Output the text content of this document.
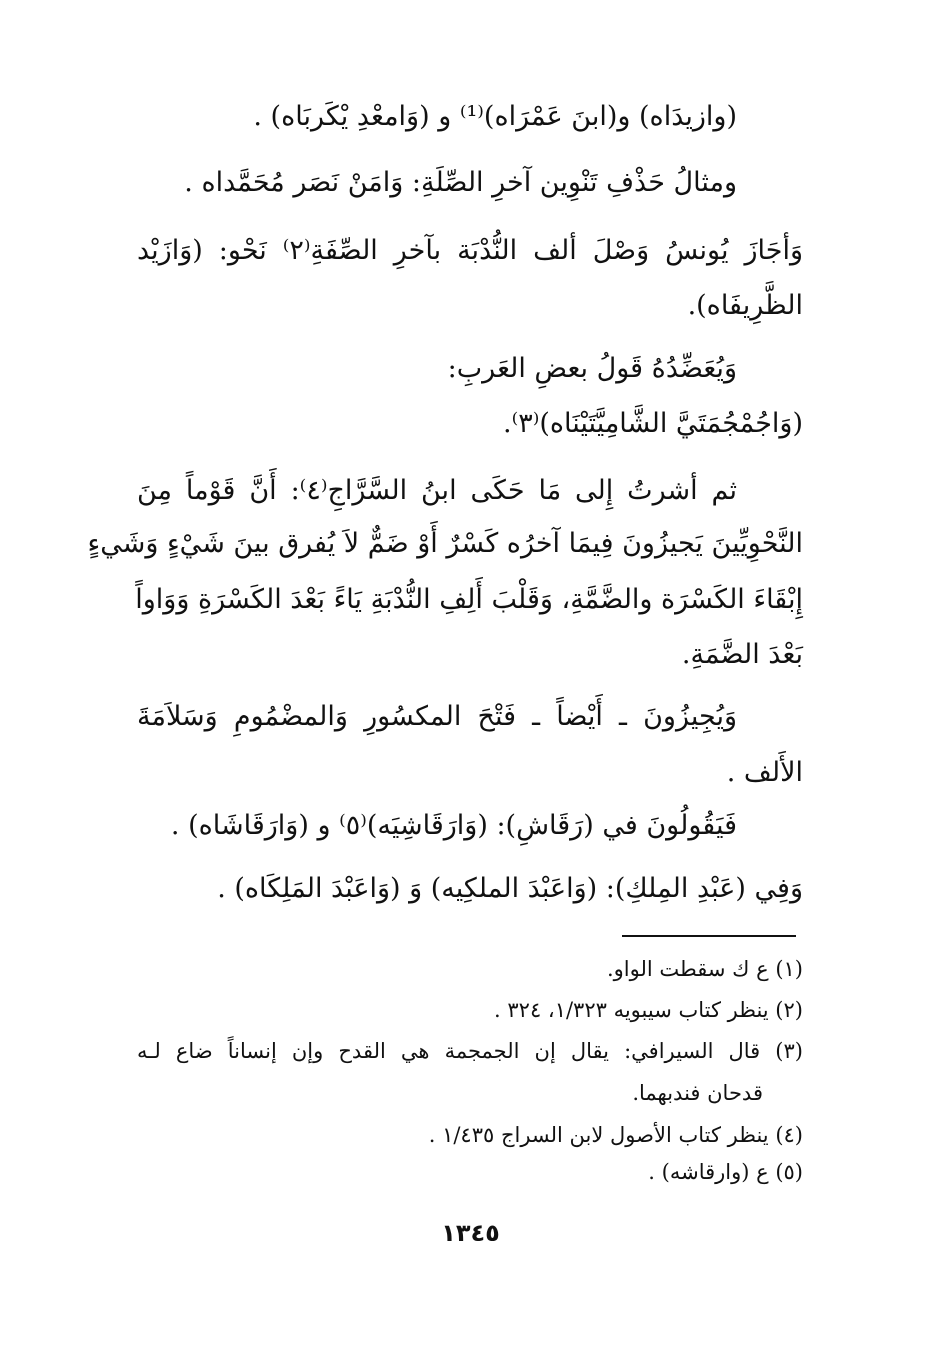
(وازيدَاه) و(ابنَ عَمْرَاه)⁽¹⁾ و (وَامعْدِ يْكَربَاه) .

ومثالُ حَذْفِ تَنْوِين آخرِ الصِّلَةِ: وَامَنْ نَصَر مُحَمَّداه .

وَأجَازَ يُونسُ وَصْلَ ألف النُّدْبَة بآخرِ الصِّفَةِ⁽٢⁾ نَحْو: (وَازَيْد

الظَّرِيفَاه).

وَيُعَضِّدُهُ قَولُ بعضِ العَربِ:

(وَاجُمْجُمَتَيَّ الشَّامِيَّتَيْنَاه)⁽٣⁾.

ثم أشرتُ إِلى مَا حَكَى ابنُ السَّرَّاجِ⁽٤⁾: أَنَّ قَوْماً مِنَ

النَّحْوِيِّينَ يَجيزُونَ فِيمَا آخرُه كَسْرٌ أَوْ ضَمٌّ لاَ يُفرق بينَ شَيْءٍ وَشَيءٍ

إِبْقَاءَ الكَسْرَة والضَّمَّةِ، وَقَلْبَ أَلِفِ النُّدْبَةِ يَاءً بَعْدَ الكَسْرَةِ وَوَاواً

بَعْدَ الضَّمَةِ.

وَيُجِيزُونَ ـ أَيْضاً ـ فَتْحَ المكسُورِ وَالمضْمُومِ وَسَلاَمَةَ

الأَلف .

فَيَقُولُونَ في (رَقَاشِ): (وَارَقَاشِيَه)⁽٥⁾ و (وَارَقَاشَاه) .

وَفِي (عَبْدِ المِلكِ): (وَاعَبْدَ الملكِيه) وَ (وَاعَبْدَ المَلِكَاه) .

(١) ع ك سقطت الواو.

(٢) ينظر كتاب سيبويه ١/٣٢٣، ٣٢٤ .

(٣) قال السيرافي: يقال إن الجمجمة هي القدح وإن إنساناً ضاع لـه

قدحان فندبهما.

(٤) ينظر كتاب الأصول لابن السراج ١/٤٣٥ .

(٥) ع (وارقاشه) .

١٣٤٥
